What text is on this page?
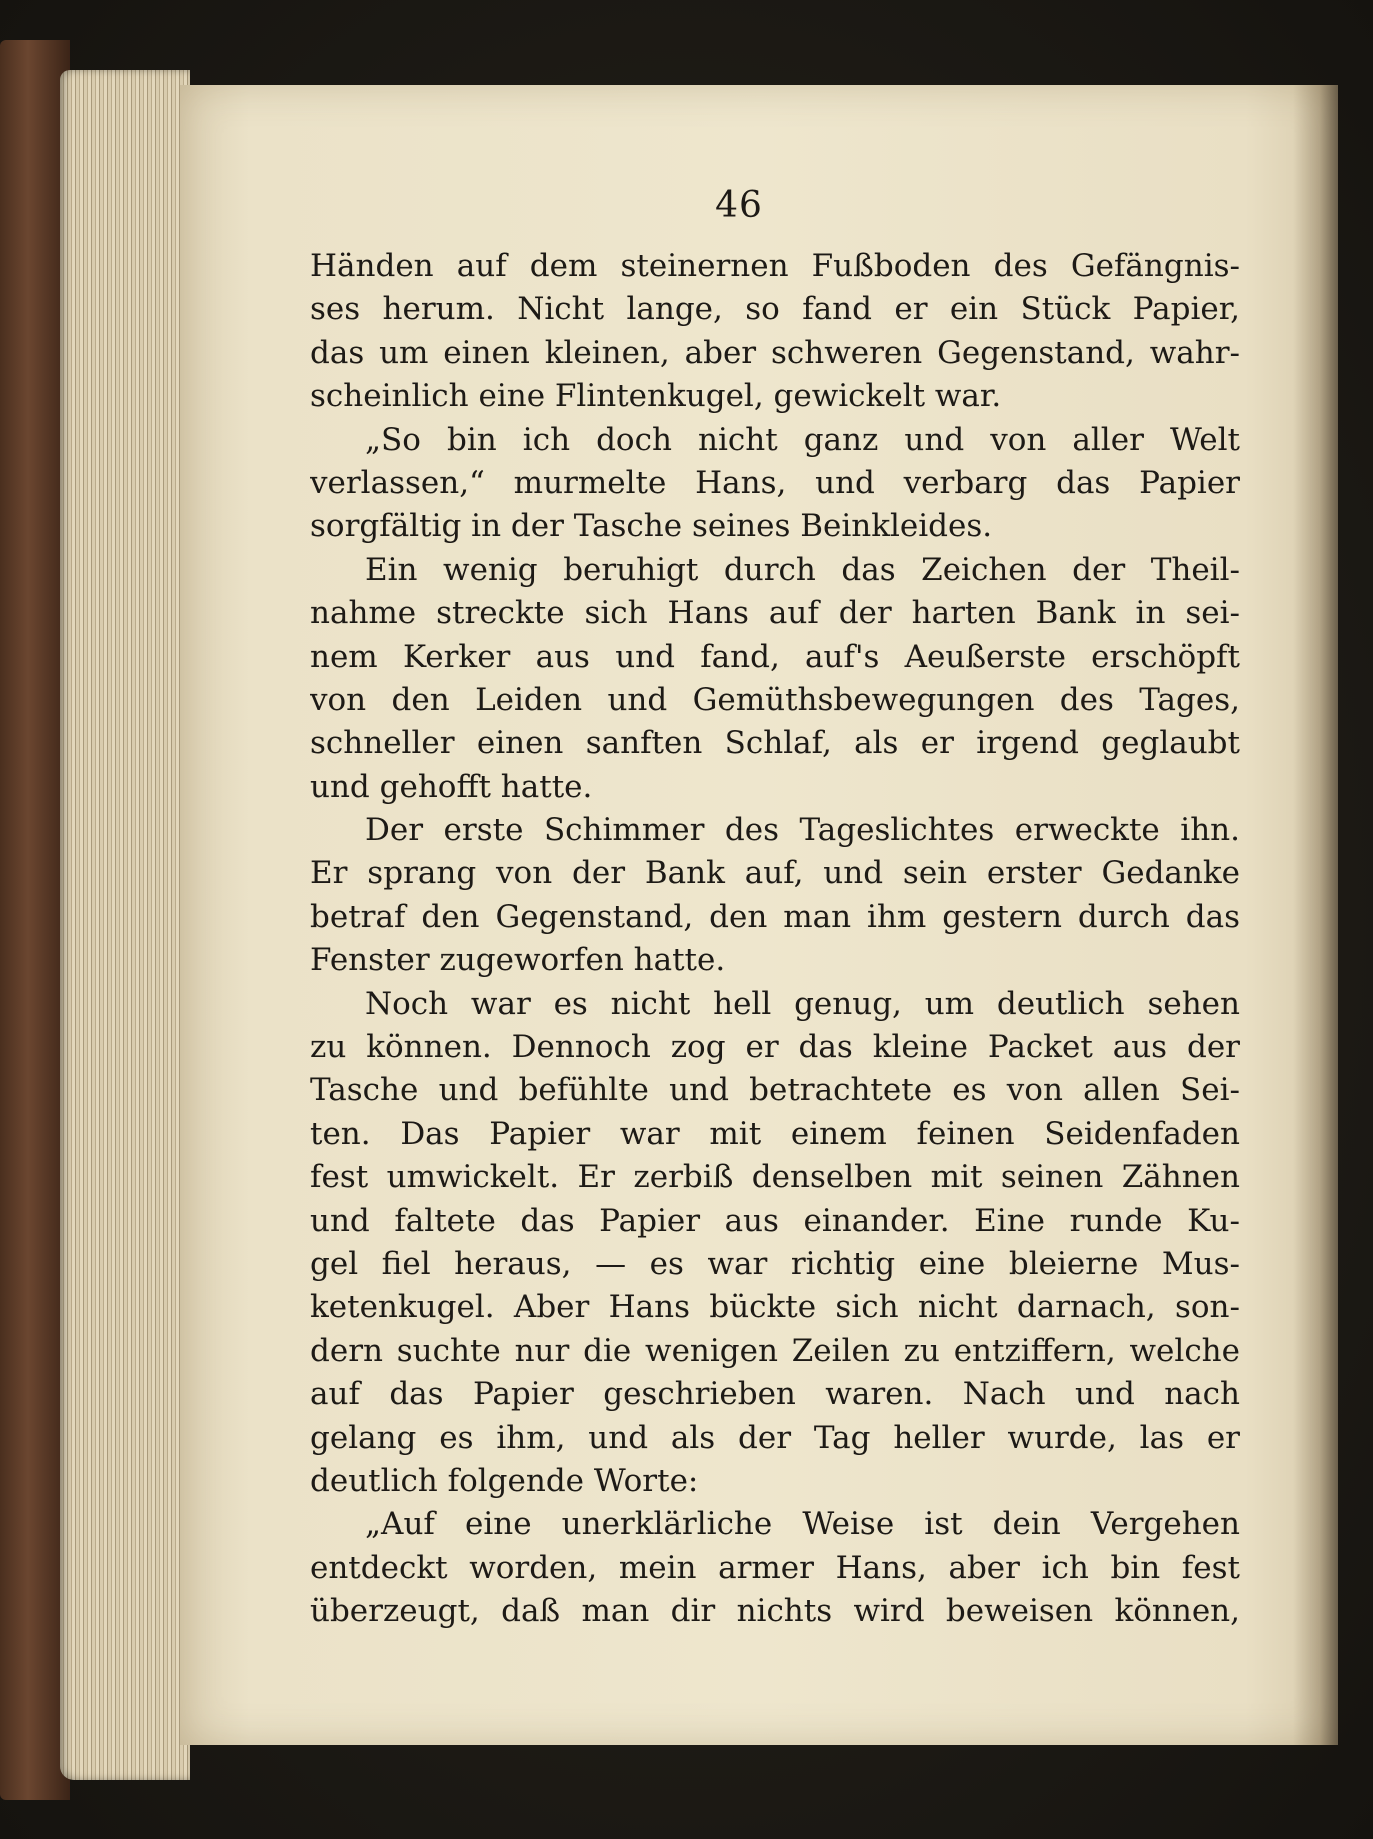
46
Händen auf dem steinernen Fußboden des Gefängnis-
ses herum. Nicht lange, so fand er ein Stück Papier,
das um einen kleinen, aber schweren Gegenstand, wahr-
scheinlich eine Flintenkugel, gewickelt war.
„So bin ich doch nicht ganz und von aller Welt
verlassen,“ murmelte Hans, und verbarg das Papier
sorgfältig in der Tasche seines Beinkleides.
Ein wenig beruhigt durch das Zeichen der Theil-
nahme streckte sich Hans auf der harten Bank in sei-
nem Kerker aus und fand, auf's Aeußerste erschöpft
von den Leiden und Gemüthsbewegungen des Tages,
schneller einen sanften Schlaf, als er irgend geglaubt
und gehofft hatte.
Der erste Schimmer des Tageslichtes erweckte ihn.
Er sprang von der Bank auf, und sein erster Gedanke
betraf den Gegenstand, den man ihm gestern durch das
Fenster zugeworfen hatte.
Noch war es nicht hell genug, um deutlich sehen
zu können. Dennoch zog er das kleine Packet aus der
Tasche und befühlte und betrachtete es von allen Sei-
ten. Das Papier war mit einem feinen Seidenfaden
fest umwickelt. Er zerbiß denselben mit seinen Zähnen
und faltete das Papier aus einander. Eine runde Ku-
gel fiel heraus, — es war richtig eine bleierne Mus-
ketenkugel. Aber Hans bückte sich nicht darnach, son-
dern suchte nur die wenigen Zeilen zu entziffern, welche
auf das Papier geschrieben waren. Nach und nach
gelang es ihm, und als der Tag heller wurde, las er
deutlich folgende Worte:
„Auf eine unerklärliche Weise ist dein Vergehen
entdeckt worden, mein armer Hans, aber ich bin fest
überzeugt, daß man dir nichts wird beweisen können,
